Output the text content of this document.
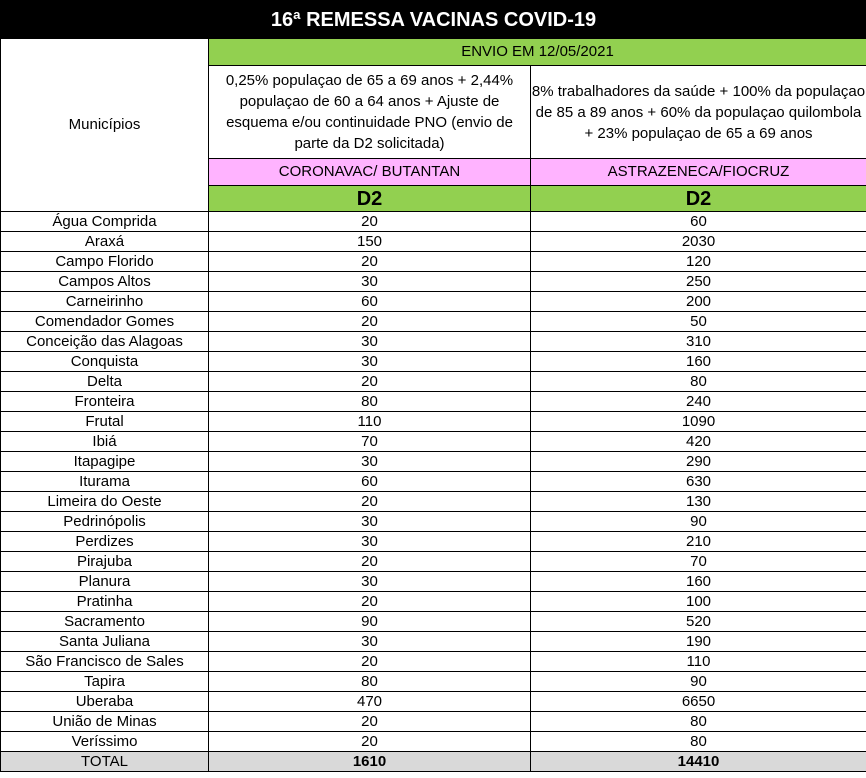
16ª REMESSA VACINAS COVID-19		
Municípios	ENVIO EM 12/05/2021	
	0,25% populaçao de 65 a 69 anos + 2,44% populaçao de 60 a 64 anos + Ajuste de esquema e/ou continuidade PNO (envio de parte da D2 solicitada)	8% trabalhadores da saúde + 100% da populaçao de 85 a 89 anos + 60% da populaçao quilombola + 23% populaçao de 65 a 69 anos
	CORONAVAC/ BUTANTAN	ASTRAZENECA/FIOCRUZ
	D2	D2
Água Comprida	20	60
Araxá	150	2030
Campo Florido	20	120
Campos Altos	30	250
Carneirinho	60	200
Comendador Gomes	20	50
Conceição das Alagoas	30	310
Conquista	30	160
Delta	20	80
Fronteira	80	240
Frutal	110	1090
Ibiá	70	420
Itapagipe	30	290
Iturama	60	630
Limeira do Oeste	20	130
Pedrinópolis	30	90
Perdizes	30	210
Pirajuba	20	70
Planura	30	160
Pratinha	20	100
Sacramento	90	520
Santa Juliana	30	190
São Francisco de Sales	20	110
Tapira	80	90
Uberaba	470	6650
União de Minas	20	80
Veríssimo	20	80
TOTAL	1610	14410
